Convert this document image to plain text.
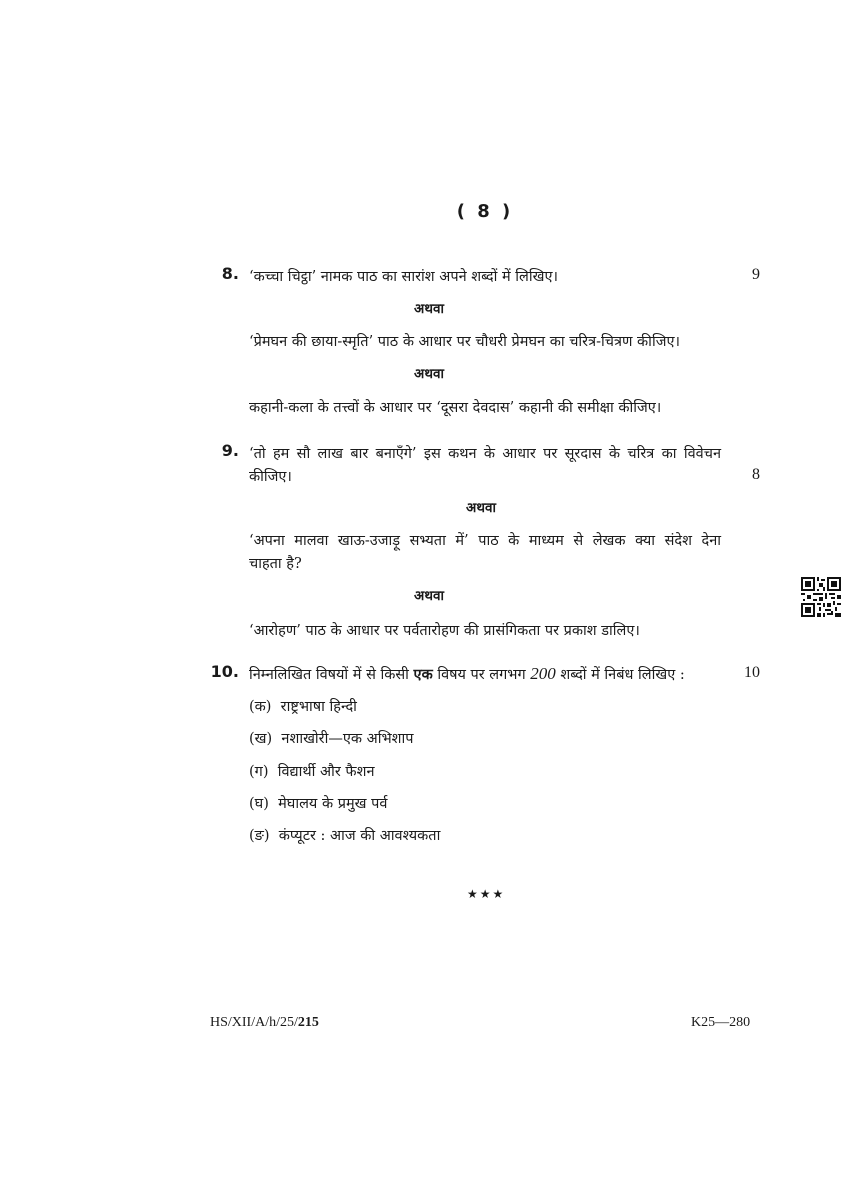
( 8 )
8. ‘कच्चा चिट्ठा’ नामक पाठ का सारांश अपने शब्दों में लिखिए।	9
अथवा
‘प्रेमघन की छाया-स्मृति’ पाठ के आधार पर चौधरी प्रेमघन का चरित्र-चित्रण कीजिए।
अथवा
कहानी-कला के तत्त्वों के आधार पर ‘दूसरा देवदास’ कहानी की समीक्षा कीजिए।
9. ‘तो हम सौ लाख बार बनाएँगे’ इस कथन के आधार पर सूरदास के चरित्र का विवेचन
कीजिए।	8
अथवा
‘अपना मालवा खाऊ-उजाड़ू सभ्यता में’ पाठ के माध्यम से लेखक क्या संदेश देना
चाहता है?
अथवा
‘आरोहण’ पाठ के आधार पर पर्वतारोहण की प्रासंगिकता पर प्रकाश डालिए।
10. निम्नलिखित विषयों में से किसी एक विषय पर लगभग 200 शब्दों में निबंध लिखिए :	10
(क) राष्ट्रभाषा हिन्दी
(ख) नशाखोरी—एक अभिशाप
(ग) विद्यार्थी और फैशन
(घ) मेघालय के प्रमुख पर्व
(ङ) कंप्यूटर : आज की आवश्यकता
★★★
HS/XII/A/h/25/215	K25—280
